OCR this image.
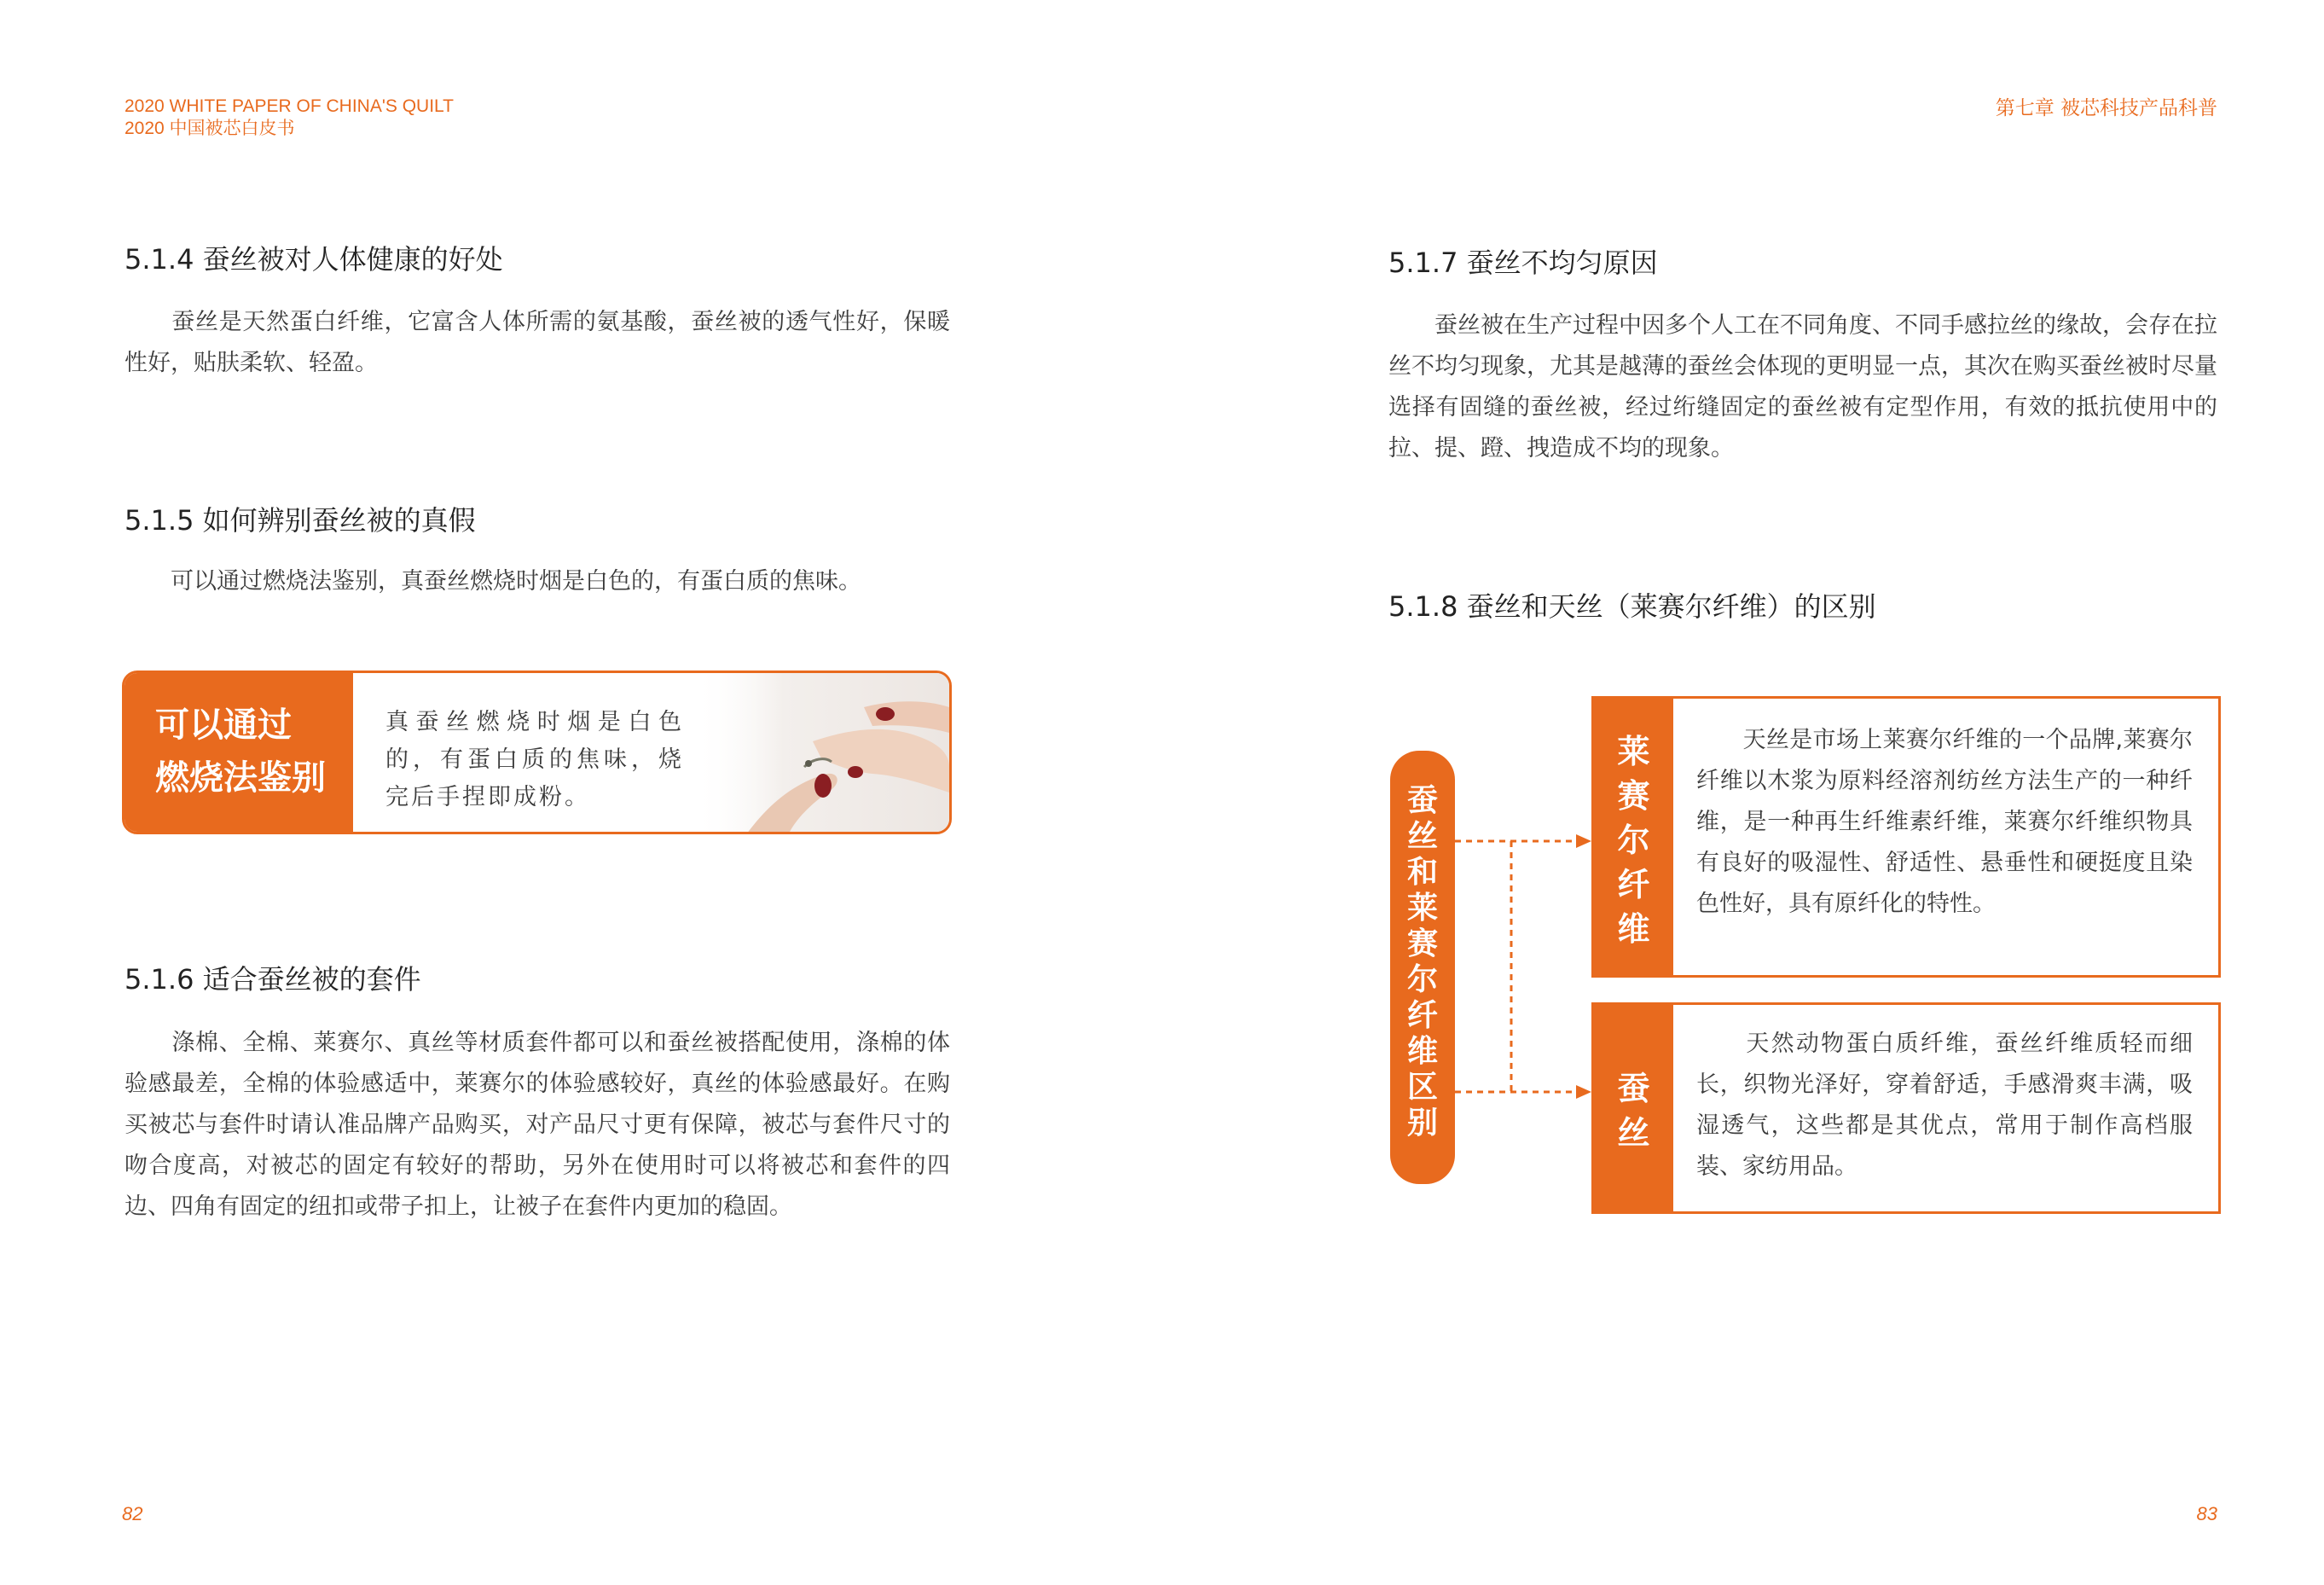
2020 WHITE PAPER OF CHINA'S QUILT
2020 中国被芯白皮书
第七章 被芯科技产品科普
5.1.4 蚕丝被对人体健康的好处

　　蚕丝是天然蛋白纤维，它富含人体所需的氨基酸，蚕丝被的透气性好，保暖性好，贴肤柔软、轻盈。

5.1.5 如何辨别蚕丝被的真假

　　可以通过燃烧法鉴别，真蚕丝燃烧时烟是白色的，有蛋白质的焦味。

可以通过
燃烧法鉴别
真蚕丝燃烧时烟是白色的，有蛋白质的焦味，烧完后手捏即成粉。
5.1.6 适合蚕丝被的套件

　　涤棉、全棉、莱赛尔、真丝等材质套件都可以和蚕丝被搭配使用，涤棉的体验感最差，全棉的体验感适中，莱赛尔的体验感较好，真丝的体验感最好。在购买被芯与套件时请认准品牌产品购买，对产品尺寸更有保障，被芯与套件尺寸的吻合度高，对被芯的固定有较好的帮助，另外在使用时可以将被芯和套件的四边、四角有固定的纽扣或带子扣上，让被子在套件内更加的稳固。

82
5.1.7 蚕丝不均匀原因

　　蚕丝被在生产过程中因多个人工在不同角度、不同手感拉丝的缘故，会存在拉丝不均匀现象，尤其是越薄的蚕丝会体现的更明显一点，其次在购买蚕丝被时尽量选择有固缝的蚕丝被，经过绗缝固定的蚕丝被有定型作用，有效的抵抗使用中的拉、提、蹬、拽造成不均的现象。

5.1.8 蚕丝和天丝（莱赛尔纤维）的区别
蚕
丝
和
莱
赛
尔
纤
维
区
别
莱
赛
尔
纤
维

　　天丝是市场上莱赛尔纤维的一个品牌,莱赛尔纤维以木浆为原料经溶剂纺丝方法生产的一种纤维，是一种再生纤维素纤维，莱赛尔纤维织物具有良好的吸湿性、舒适性、悬垂性和硬挺度且染色性好，具有原纤化的特性。

蚕
丝

　　天然动物蛋白质纤维，蚕丝纤维质轻而细长，织物光泽好，穿着舒适，手感滑爽丰满，吸湿透气，这些都是其优点，常用于制作高档服装、家纺用品。

83
